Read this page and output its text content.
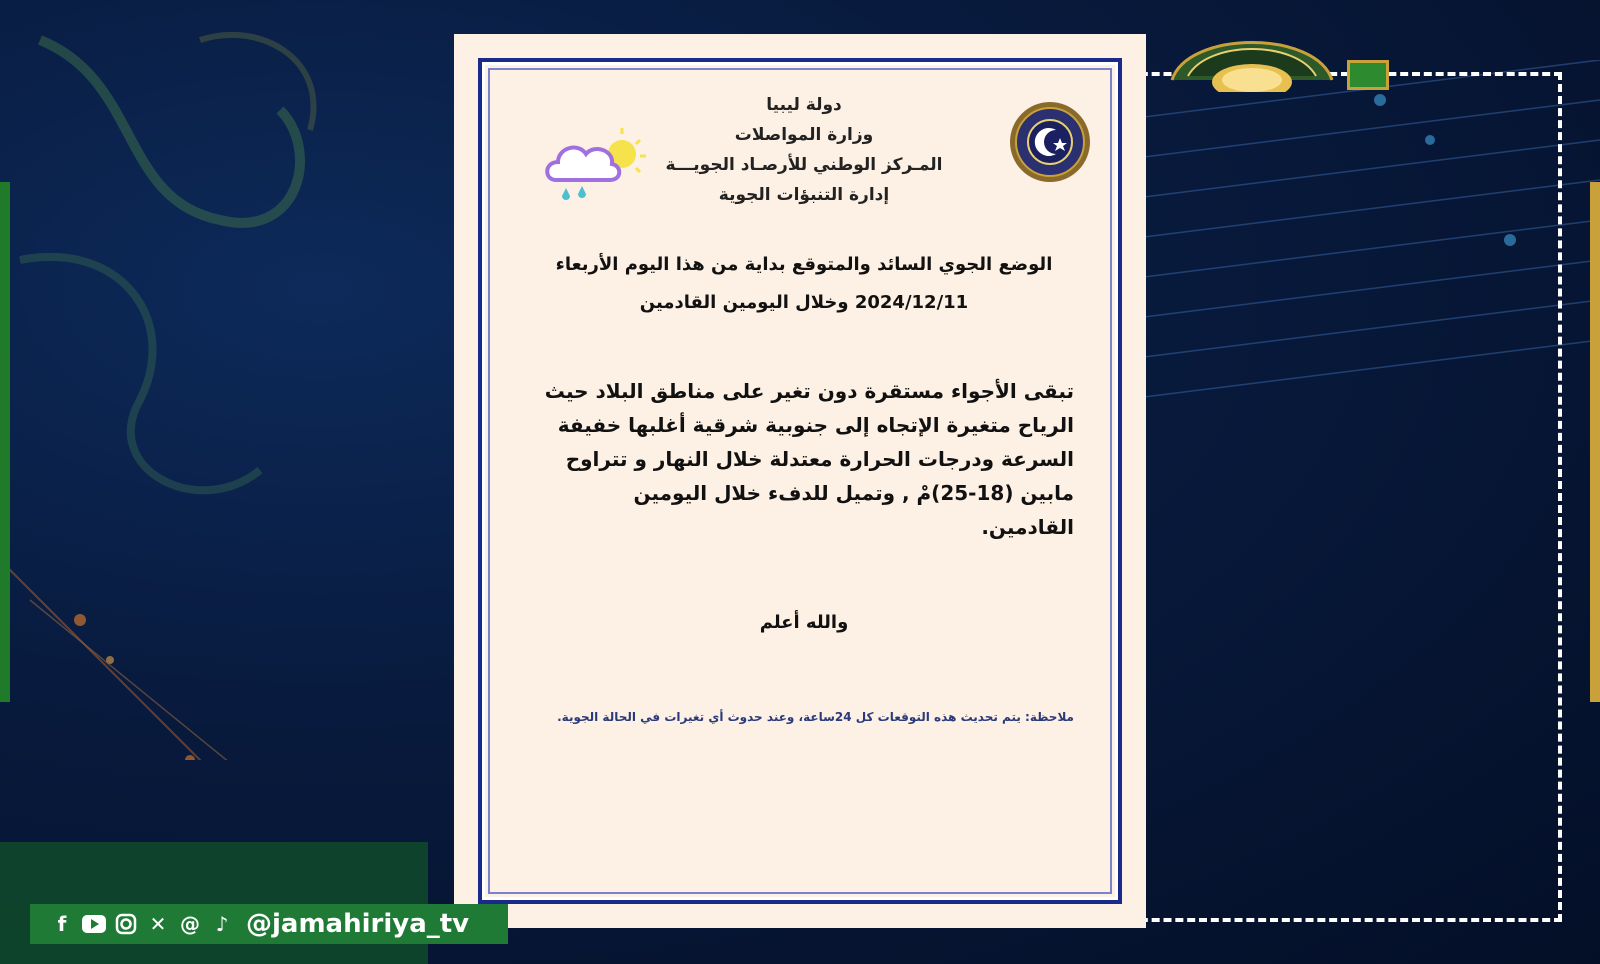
دولة ليبيا
وزارة المواصلات
المـركز الوطني للأرصـاد الجويـــة
إدارة التنبؤات الجوية
الوضع الجوي السائد والمتوقع بداية من هذا اليوم الأربعاء
2024/12/11 وخلال اليومين القادمين
تبقى الأجواء مستقرة دون تغير على مناطق البلاد حيث الرياح متغيرة الإتجاه إلى جنوبية شرقية أغلبها خفيفة السرعة ودرجات الحرارة معتدلة خلال النهار و تتراوح مابين (18-25)مْ , وتميل للدفء خلال اليومين القادمين.
والله أعلم
ملاحظة: يتم تحديث هذه التوقعات كل 24ساعة، وعند حدوث أي تغيرات في الحالة الجوية.
f	✕ @ ♪ @jamahiriya_tv
